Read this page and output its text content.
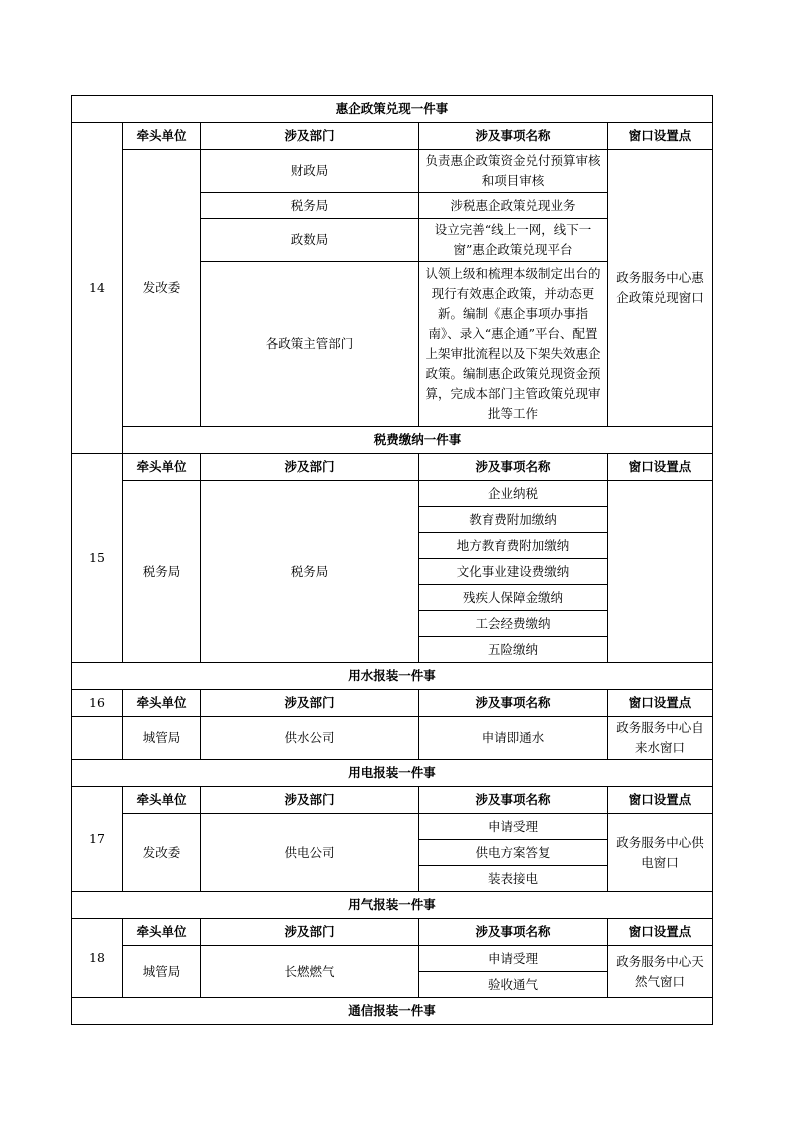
惠企政策兑现一件事				
14	牵头单位	涉及部门	涉及事项名称	窗口设置点
	发改委	财政局	负责惠企政策资金兑付预算审核和项目审核	政务服务中心惠企政策兑现窗口
		税务局	涉税惠企政策兑现业务	
		政数局	设立完善“线上一网，线下一窗”惠企政策兑现平台	
		各政策主管部门	认领上级和梳理本级制定出台的现行有效惠企政策，并动态更新。编制《惠企事项办事指南》、录入“惠企通”平台、配置上架审批流程以及下架失效惠企政策。编制惠企政策兑现资金预算，完成本部门主管政策兑现审批等工作	
	税费缴纳一件事			
15	牵头单位	涉及部门	涉及事项名称	窗口设置点
	税务局	税务局	企业纳税	
			教育费附加缴纳	
			地方教育费附加缴纳	
			文化事业建设费缴纳	
			残疾人保障金缴纳	
			工会经费缴纳	
			五险缴纳	
用水报装一件事				
16	牵头单位	涉及部门	涉及事项名称	窗口设置点
	城管局	供水公司	申请即通水	政务服务中心自来水窗口
用电报装一件事				
17	牵头单位	涉及部门	涉及事项名称	窗口设置点
	发改委	供电公司	申请受理	政务服务中心供电窗口
			供电方案答复	
			装表接电	
用气报装一件事				
18	牵头单位	涉及部门	涉及事项名称	窗口设置点
	城管局	长燃燃气	申请受理	政务服务中心天然气窗口
			验收通气	
通信报装一件事				
